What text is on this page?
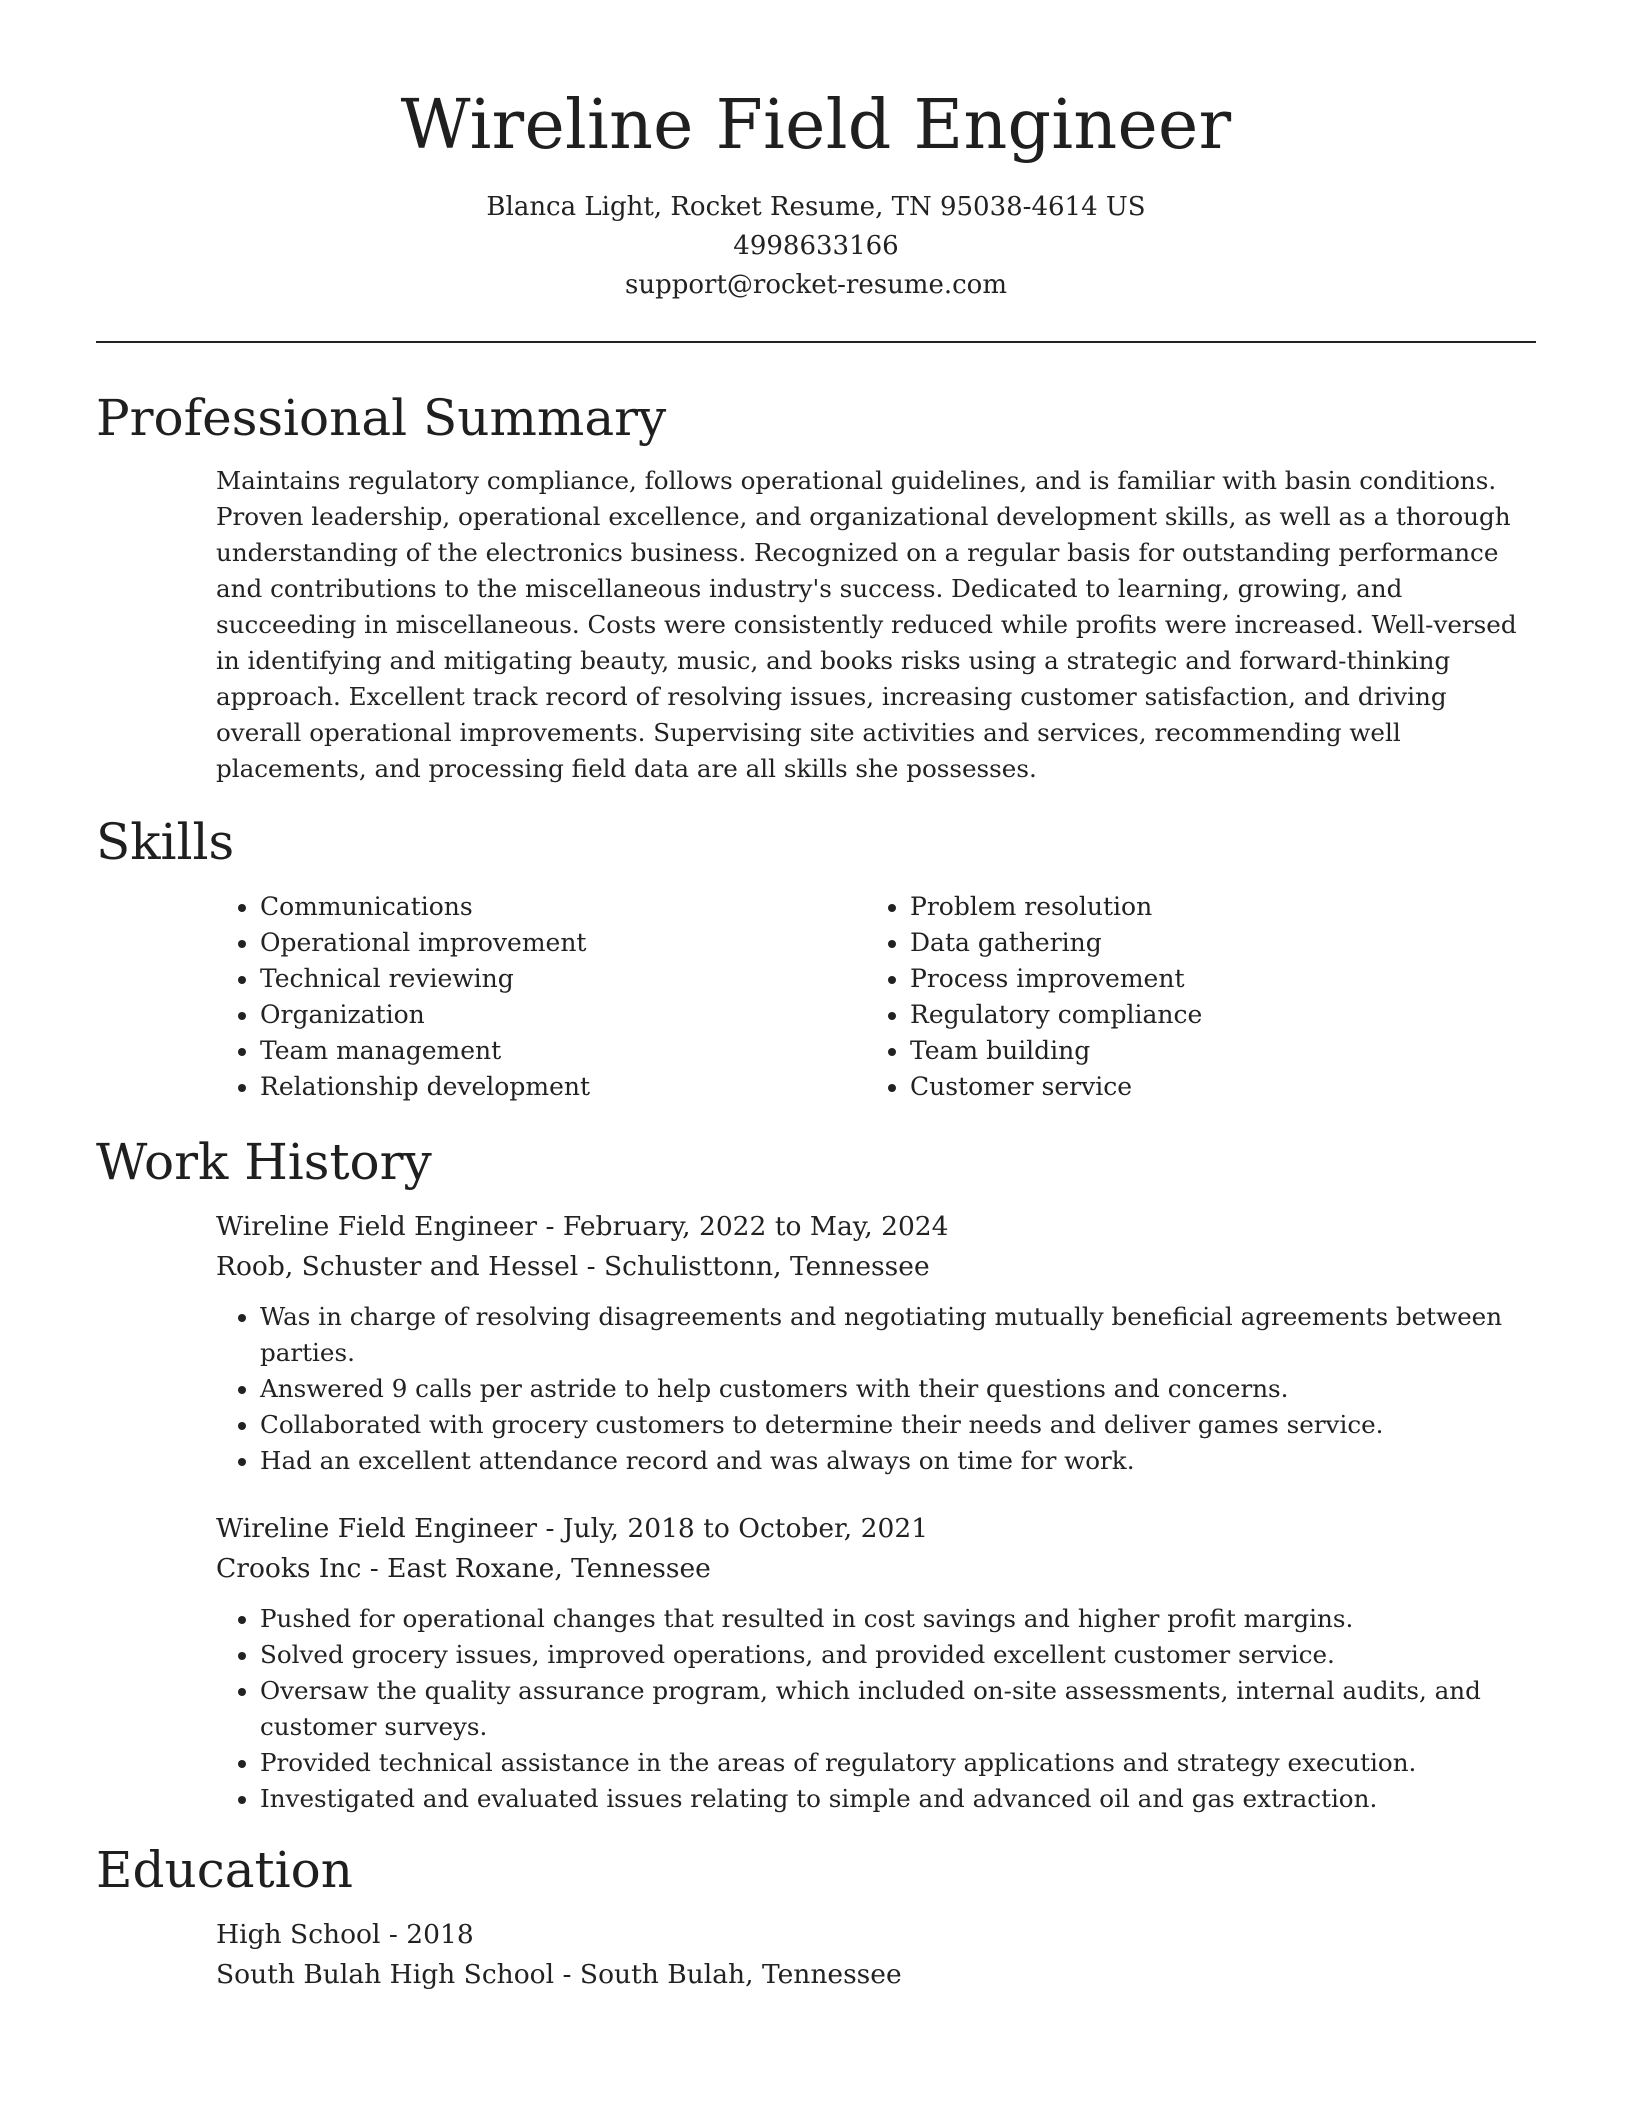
Wireline Field Engineer
Blanca Light, Rocket Resume, TN 95038-4614 US
4998633166
support@rocket-resume.com
Professional Summary

Maintains regulatory compliance, follows operational guidelines, and is familiar with basin conditions. Proven leadership, operational excellence, and organizational development skills, as well as a thorough understanding of the electronics business. Recognized on a regular basis for outstanding performance and contributions to the miscellaneous industry's success. Dedicated to learning, growing, and succeeding in miscellaneous. Costs were consistently reduced while profits were increased. Well-versed in identifying and mitigating beauty, music, and books risks using a strategic and forward-thinking approach. Excellent track record of resolving issues, increasing customer satisfaction, and driving overall operational improvements. Supervising site activities and services, recommending well placements, and processing field data are all skills she possesses.

Skills
• Communications
• Operational improvement
• Technical reviewing
• Organization
• Team management
• Relationship development
• Problem resolution
• Data gathering
• Process improvement
• Regulatory compliance
• Team building
• Customer service
Work History
Wireline Field Engineer - February, 2022 to May, 2024
Roob, Schuster and Hessel - Schulisttonn, Tennessee
• Was in charge of resolving disagreements and negotiating mutually beneficial agreements between parties.
• Answered 9 calls per astride to help customers with their questions and concerns.
• Collaborated with grocery customers to determine their needs and deliver games service.
• Had an excellent attendance record and was always on time for work.
Wireline Field Engineer - July, 2018 to October, 2021
Crooks Inc - East Roxane, Tennessee
• Pushed for operational changes that resulted in cost savings and higher profit margins.
• Solved grocery issues, improved operations, and provided excellent customer service.
• Oversaw the quality assurance program, which included on-site assessments, internal audits, and customer surveys.
• Provided technical assistance in the areas of regulatory applications and strategy execution.
• Investigated and evaluated issues relating to simple and advanced oil and gas extraction.
Education
High School - 2018
South Bulah High School - South Bulah, Tennessee
